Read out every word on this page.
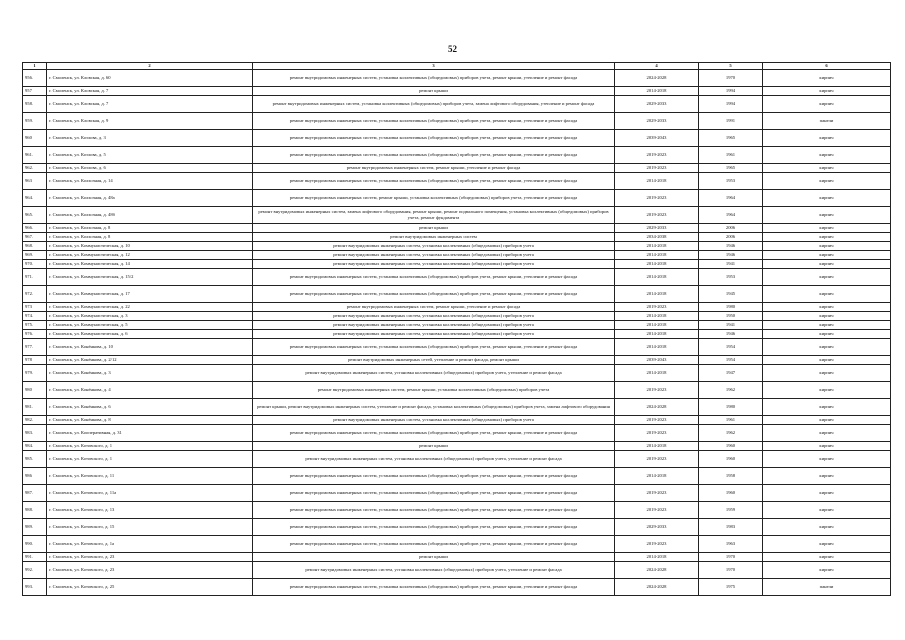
52
1	2	3	4	5	6
956.	г. Смоленск, ул. Кловская, д. 60	ремонт внутридомовых инженерных систем, установка коллективных (общедомовых) приборов учета, ремонт крыши, утепление и ремонт фасада	2024-2028	1970	кирпич
957	г. Смоленск, ул. Кловская, д. 7	ремонт крыши	2014-2018	1994	кирпич
958.	г. Смоленск, ул. Кловская, д. 7	ремонт внутридомовых инженерных систем, установка коллективных (общедомовых) приборов учета, замена лифтового оборудования, утепление и ремонт фасада	2029-2033	1994	кирпич
959.	г. Смоленск, ул. Кловская, д. 9	ремонт внутридомовых инженерных систем, установка коллективных (общедомовых) приборов учета, ремонт крыши, утепление и ремонт фасада	2029-2033	1991	панели
960	г. Смоленск, ул. Козлова, д. 3	ремонт внутридомовых инженерных систем, установка коллективных (общедомовых) приборов учета, ремонт крыши, утепление и ремонт фасада	2039-2043	1965	кирпич
961.	г. Смоленск, ул. Козлова, д. 5	ремонт внутридомовых инженерных систем, установка коллективных (общедомовых) приборов учета, ремонт крыши, утепление и ремонт фасада	2019-2023	1961	кирпич
962.	г. Смоленск, ул. Козлова, д. 6	ремонт внутридомовых инженерных систем, ремонт крыши, утепление и ремонт фасада	2019-2023	1965	кирпич
963	г. Смоленск, ул. Колхозная, д. 14	ремонт внутридомовых инженерных систем, установка коллективных (общедомовых) приборов учета, ремонт крыши, утепление и ремонт фасада	2014-2018	1953	кирпич
964.	г. Смоленск, ул. Колхозная, д. 48а	ремонт внутридомовых инженерных систем, ремонт крыши, установка коллективных (общедомовых) приборов учета, утепление и ремонт фасада	2019-2023	1964	кирпич
965.	г. Смоленск, ул. Колхозная, д. 48б	ремонт внутридомовых инженерных систем, замена лифтового оборудования, ремонт крыши, ремонт подвального помещения, установка коллективных (общедомовых) приборов учета, ремонт фундамента	2019-2023	1964	кирпич
966.	г. Смоленск, ул. Колхозная, д. 8	ремонт крыши	2029-2033	2006	кирпич
967.	г. Смоленск, ул. Колхозная, д. 8	ремонт внутридомовых инженерных систем	2034-2038	2006	кирпич
968.	г. Смоленск, ул. Коммунистическая, д. 10	ремонт внутридомовых инженерных систем, установка коллективных (общедомовых) приборов учета	2014-2018	1946	кирпич
969.	г. Смоленск, ул. Коммунистическая, д. 12	ремонт внутридомовых инженерных систем, установка коллективных (общедомовых) приборов учета	2014-2018	1946	кирпич
970.	г. Смоленск, ул. Коммунистическая, д. 14	ремонт внутридомовых инженерных систем, установка коллективных (общедомовых) приборов учета	2014-2018	1941	кирпич
971.	г. Смоленск, ул. Коммунистическая, д. 15/2	ремонт внутридомовых инженерных систем, установка коллективных (общедомовых) приборов учета, ремонт крыши, утепление и ремонт фасада	2014-2018	1953	кирпич
972.	г. Смоленск, ул. Коммунистическая, д. 17	ремонт внутридомовых инженерных систем, установка коллективных (общедомовых) приборов учета, ремонт крыши, утепление и ремонт фасада	2014-2018	1945	кирпич
973	г. Смоленск, ул. Коммунистическая, д. 22	ремонт внутридомовых инженерных систем, ремонт крыши, утепление и ремонт фасада	2019-2023	1980	кирпич
974.	г. Смоленск, ул. Коммунистическая, д. 3	ремонт внутридомовых инженерных систем, установка коллективных (общедомовых) приборов учета	2014-2018	1950	кирпич
975.	г. Смоленск, ул. Коммунистическая, д. 5	ремонт внутридомовых инженерных систем, установка коллективных (общедомовых) приборов учета	2014-2018	1941	кирпич
976.	г. Смоленск, ул. Коммунистическая, д. 6	ремонт внутридомовых инженерных систем, установка коллективных (общедомовых) приборов учета	2014-2018	1946	кирпич
977.	г. Смоленск, ул. Конёнкова, д. 10	ремонт внутридомовых инженерных систем, установка коллективных (общедомовых) приборов учета, ремонт крыши, утепление и ремонт фасада	2014-2018	1954	кирпич
978	г. Смоленск, ул. Конёнкова, д. 2/12	ремонт внутридомовых инженерных сетей, утепление и ремонт фасада, ремонт крыши	2039-2043	1954	кирпич
979.	г. Смоленск, ул. Конёнкова, д. 3	ремонт внутридомовых инженерных систем, установка коллективных (общедомовых) приборов учета, утепление и ремонт фасада	2014-2018	1947	кирпич
980	г. Смоленск, ул. Конёнкова, д. 4	ремонт внутридомовых инженерных систем, ремонт крыши, установка коллективных (общедомовых) приборов учета	2019-2023	1962	кирпич
981.	г. Смоленск, ул. Конёнкова, д. 6	ремонт крыши, ремонт внутридомовых инженерных систем, утепление и ремонт фасада, установка коллективных (общедомовых) приборов учета, замена лифтового оборудования	2024-2028	1980	кирпич
982.	г. Смоленск, ул. Конёнкова, д. 8	ремонт внутридомовых инженерных систем, установка коллективных (общедомовых) приборов учета	2019-2023	1961	кирпич
983.	г. Смоленск, ул. Кооперативная, д. 31	ремонт внутридомовых инженерных систем, установка коллективных (общедомовых) приборов учета, ремонт крыши, утепление и ремонт фасада	2019-2023	1962	кирпич
984.	г. Смоленск, ул. Котовского, д. 1	ремонт крыши	2014-2018	1960	кирпич
985.	г. Смоленск, ул. Котовского, д. 1	ремонт внутридомовых инженерных систем, установка коллективных (общедомовых) приборов учета, утепление и ремонт фасада	2019-2023	1960	кирпич
986	г. Смоленск, ул. Котовского, д. 11	ремонт внутридомовых инженерных систем, установка коллективных (общедомовых) приборов учета, ремонт крыши, утепление и ремонт фасада	2014-2018	1958	кирпич
987.	г. Смоленск, ул. Котовского, д. 11а	ремонт внутридомовых инженерных систем, установка коллективных (общедомовых) приборов учета, ремонт крыши, утепление и ремонт фасада	2019-2023	1960	кирпич
988.	г. Смоленск, ул. Котовского, д. 13	ремонт внутридомовых инженерных систем, установка коллективных (общедомовых) приборов учета, ремонт крыши, утепление и ремонт фасада	2019-2023	1959	кирпич
989.	г. Смоленск, ул. Котовского, д. 15	ремонт внутридомовых инженерных систем, установка коллективных (общедомовых) приборов учета, ремонт крыши, утепление и ремонт фасада	2029-2033	1983	кирпич
990.	г. Смоленск, ул. Котовского, д. 1а	ремонт внутридомовых инженерных систем, установка коллективных (общедомовых) приборов учета, ремонт крыши, утепление и ремонт фасада	2019-2023	1963	кирпич
991.	г. Смоленск, ул. Котовского, д. 23	ремонт крыши	2014-2018	1970	кирпич
992.	г. Смоленск, ул. Котовского, д. 23	ремонт внутридомовых инженерных систем, установка коллективных (общедомовых) приборов учета, утепление и ремонт фасада	2024-2028	1970	кирпич
993.	г. Смоленск, ул. Котовского, д. 25	ремонт внутридомовых инженерных систем, установка коллективных (общедомовых) приборов учета, ремонт крыши, утепление и ремонт фасада	2024-2028	1975	панели
